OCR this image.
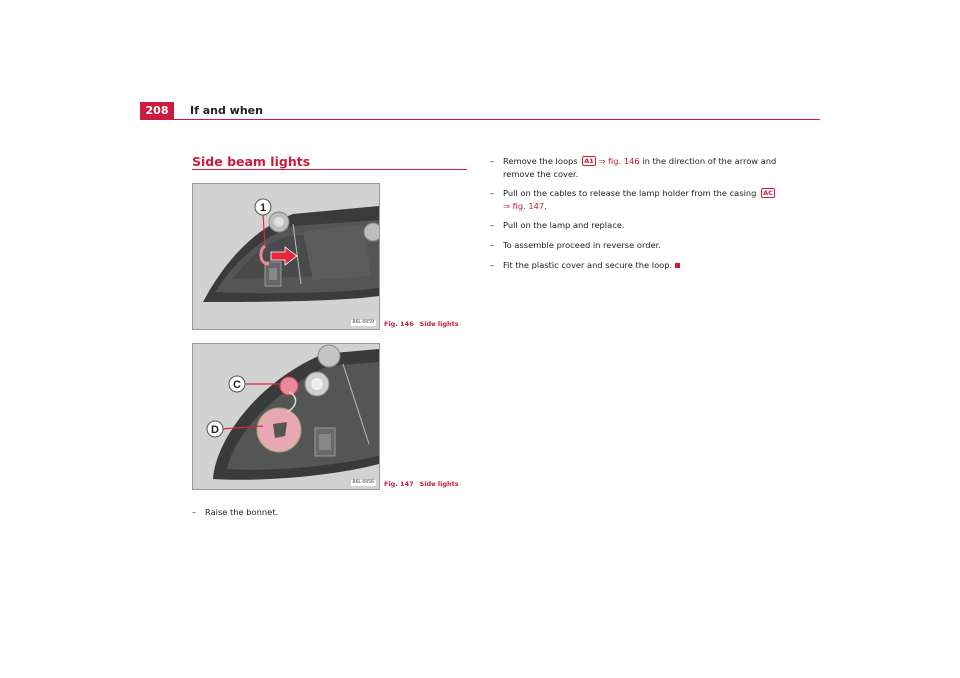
208	If and when
Side beam lights
1
B6L-0059	Fig. 146 Side lights
C
D
B6L-0056	Fig. 147 Side lights
–	Raise the bonnet.
–	Remove the loops A1 ⇒ fig. 146 in the direction of the arrow and remove the cover.
–	Pull on the cables to release the lamp holder from the casing AC
⇒ fig. 147.
–	Pull on the lamp and replace.
–	To assemble proceed in reverse order.
–	Fit the plastic cover and secure the loop.
